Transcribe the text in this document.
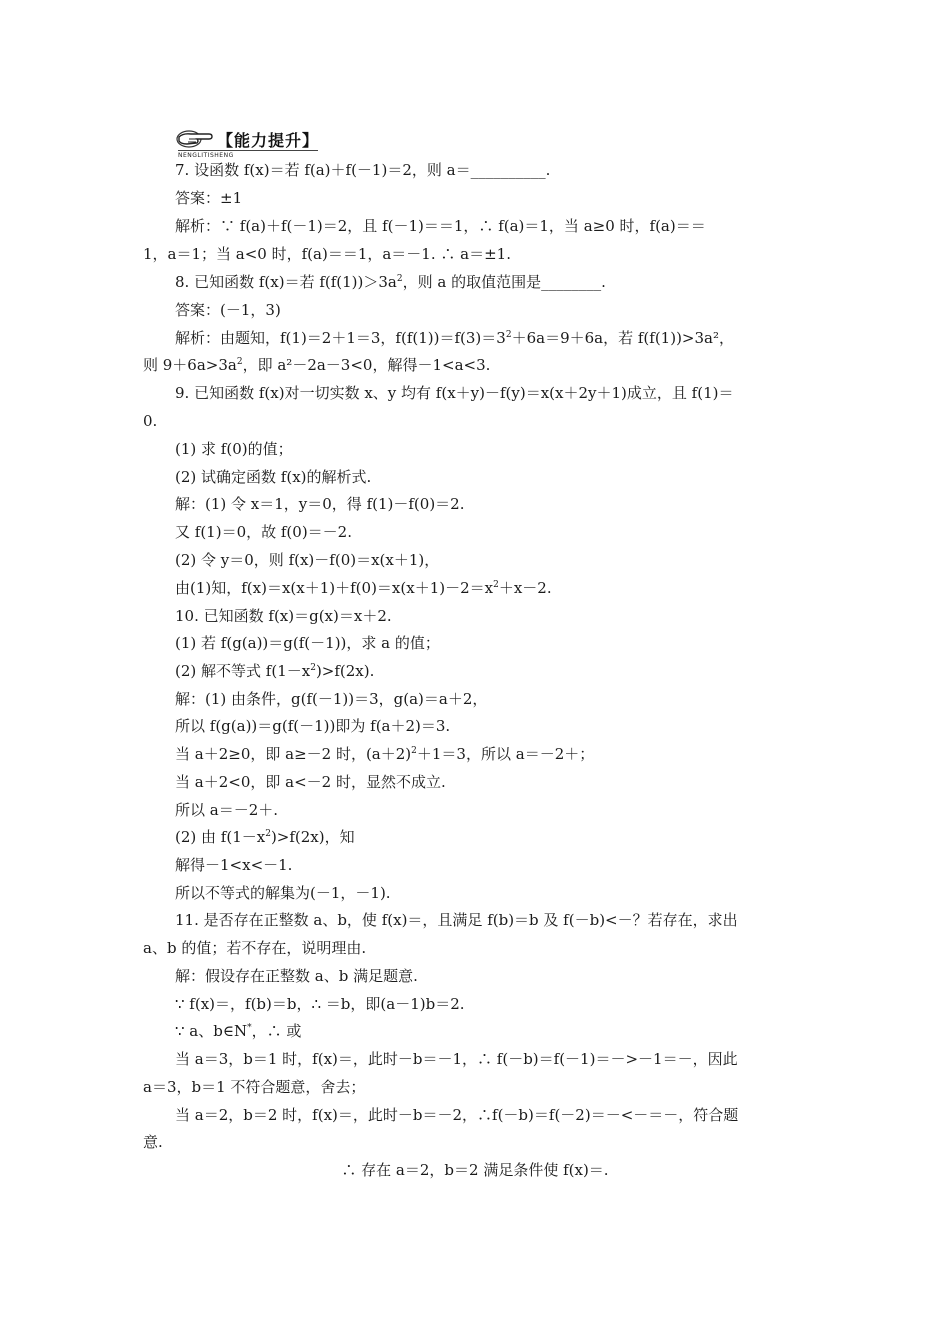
【能力提升】
NENGLITISHENG
7. 设函数 f(x)＝若 f(a)＋f(－1)＝2，则 a＝__________.
答案：±1
解析：∵ f(a)＋f(－1)＝2，且 f(－1)＝＝1，∴ f(a)＝1，当 a≥0 时，f(a)＝＝
1，a＝1；当 a<0 时，f(a)＝＝1，a＝－1. ∴ a＝±1.
8. 已知函数 f(x)＝若 $f(f(1))>3a^2$，则 a 的取值范围是________.
答案：(－1，3)
解析：由题知，f(1)＝2＋1＝3，$f(f(1))=f(3)=3^2+6a=9+6a$，若 f(f(1))>3a²，
则 $9+6a>3a^2$，即 a²－2a－3<0，解得－1<a<3.
9. 已知函数 f(x)对一切实数 x、y 均有 f(x＋y)－f(y)＝x(x＋2y＋1)成立，且 f(1)＝
0.
(1) 求 f(0)的值；
(2) 试确定函数 f(x)的解析式.
解：(1) 令 x＝1，y＝0，得 f(1)－f(0)＝2.
又 f(1)＝0，故 f(0)＝－2.
(2) 令 y＝0，则 f(x)－f(0)＝x(x＋1)，
由(1)知，$f(x)=x(x+1)+f(0)=x(x+1)-2=x^2+x-2$.
10. 已知函数 f(x)＝g(x)＝x＋2.
(1) 若 f(g(a))＝g(f(－1))，求 a 的值；
(2) 解不等式 $f(1-x^2)>f(2x)$.
解：(1) 由条件，g(f(－1))＝3，g(a)＝a＋2，
所以 f(g(a))＝g(f(－1))即为 f(a＋2)＝3.
当 a＋2≥0，即 a≥－2 时，$(a+2)^2+1=3$，所以 a＝－2＋；
当 a＋2<0，即 a<－2 时，显然不成立.
所以 a＝－2＋.
(2) 由 $f(1-x^2)>f(2x)$，知
解得－1<x<－1.
所以不等式的解集为(－1，－1).
11. 是否存在正整数 a、b，使 f(x)＝，且满足 f(b)＝b 及 f(－b)<－？若存在，求出
a、b 的值；若不存在，说明理由.
解：假设存在正整数 a、b 满足题意.
∵ f(x)＝，f(b)＝b，∴ ＝b，即(a－1)b＝2.
∵ a、b∈N*，∴ 或
当 a＝3，b＝1 时，f(x)＝，此时－b＝－1，∴ f(－b)＝f(－1)＝－>－1＝－，因此
a＝3，b＝1 不符合题意，舍去；
当 a＝2，b＝2 时，f(x)＝，此时－b＝－2，∴f(－b)＝f(－2)＝－<－＝－，符合题
意.
∴ 存在 a＝2，b＝2 满足条件使 f(x)＝.
